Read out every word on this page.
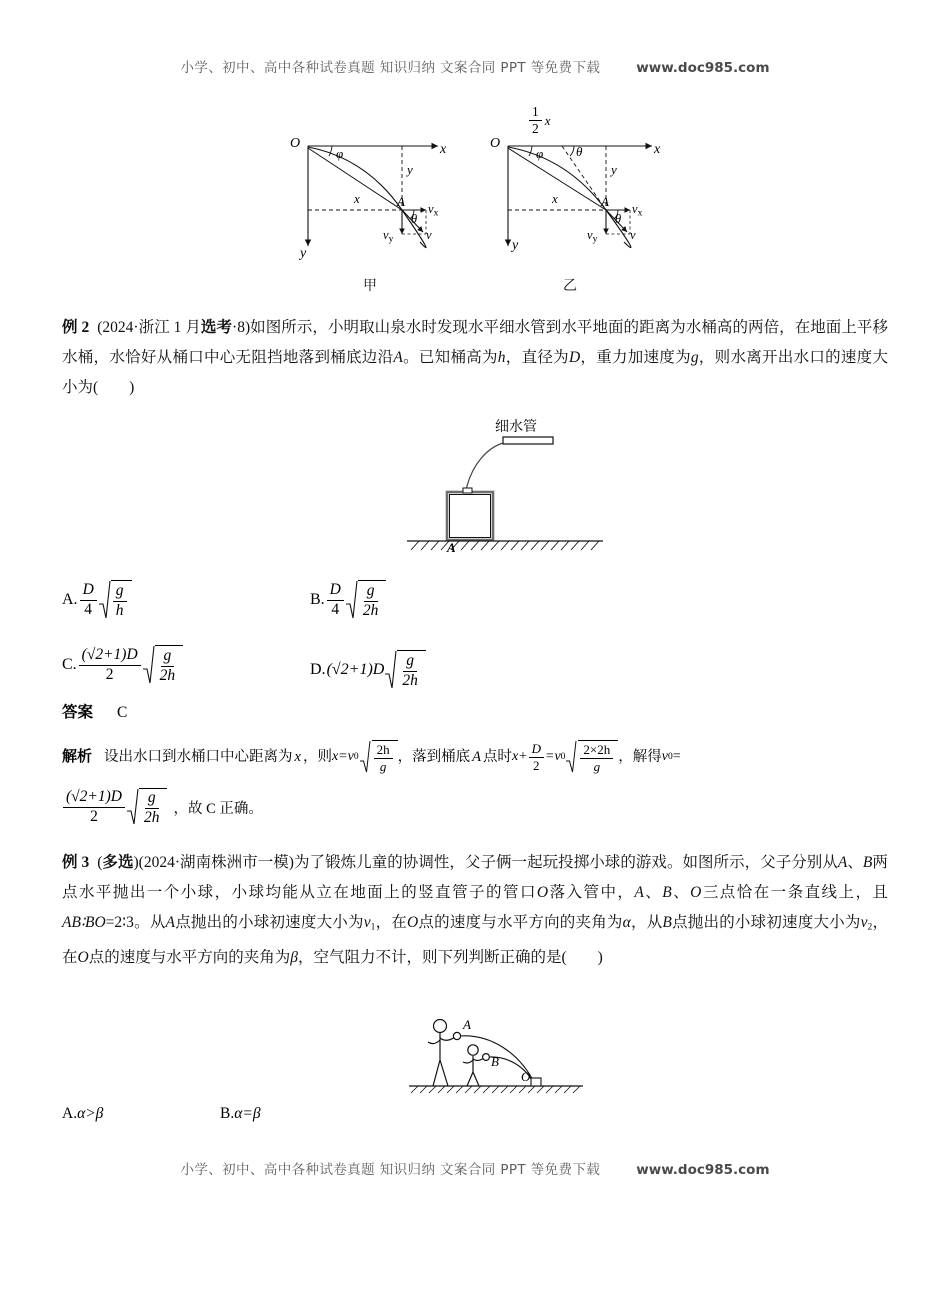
小学、初中、高中各种试卷真题 知识归纳 文案合同 PPT 等免费下载	www.doc985.com
O	x
y
φ
x
y
A $v_x$
$v_y$	v
θ
O	x
y
$\frac{1}{2}$ x
φ	θ
x
y
A $v_x$
$v_y$	v
θ
甲	乙
例 2 (2024·浙江 1 月选考·8)如图所示，小明取山泉水时发现水平细水管到水平地面的距离为水桶高的两倍，在地面上平移水桶，水恰好从桶口中心无阻挡地落到桶底边沿A。已知桶高为h，直径为D，重力加速度为g，则水离开出水口的速度大小为(　　)
细水管
A
A. $\frac{D}{4} \frac{g}{h}$	B. $\frac{D}{4} \frac{g}{2h}$
C. $\frac{(√2+1)D}{2} \frac{g}{2h}$	D. $(√2+1)D \frac{g}{2h}$
答案 C
解析 设出水口到水桶口中心距离为 x ，则 x=v $0 \frac{2h}{g}$ ，落到桶底 A 点时 $x+ \frac{D}{2} =v$ $0 \frac{2\times 2h}{g}$ ，解得 v 0 =
$\frac{(√2+1)D}{2} \frac{g}{2h}$ ，故 C 正确。
例 3 (多选)(2024·湖南株洲市一模)为了锻炼儿童的协调性，父子俩一起玩投掷小球的游戏。如图所示，父子分别从A、B两点水平抛出一个小球，小球均能从立在地面上的竖直管子的管口O落入管中，A、B、O三点恰在一条直线上，且AB∶BO=2∶3。从A点抛出的小球初速度大小为$v_1$，在O点的速度与水平方向的夹角为α，从B点抛出的小球初速度大小为$v_2$，在O点的速度与水平方向的夹角为β，空气阻力不计，则下列判断正确的是(　　)
A
B
O
A.α>β	B.α=β
小学、初中、高中各种试卷真题 知识归纳 文案合同 PPT 等免费下载	www.doc985.com
